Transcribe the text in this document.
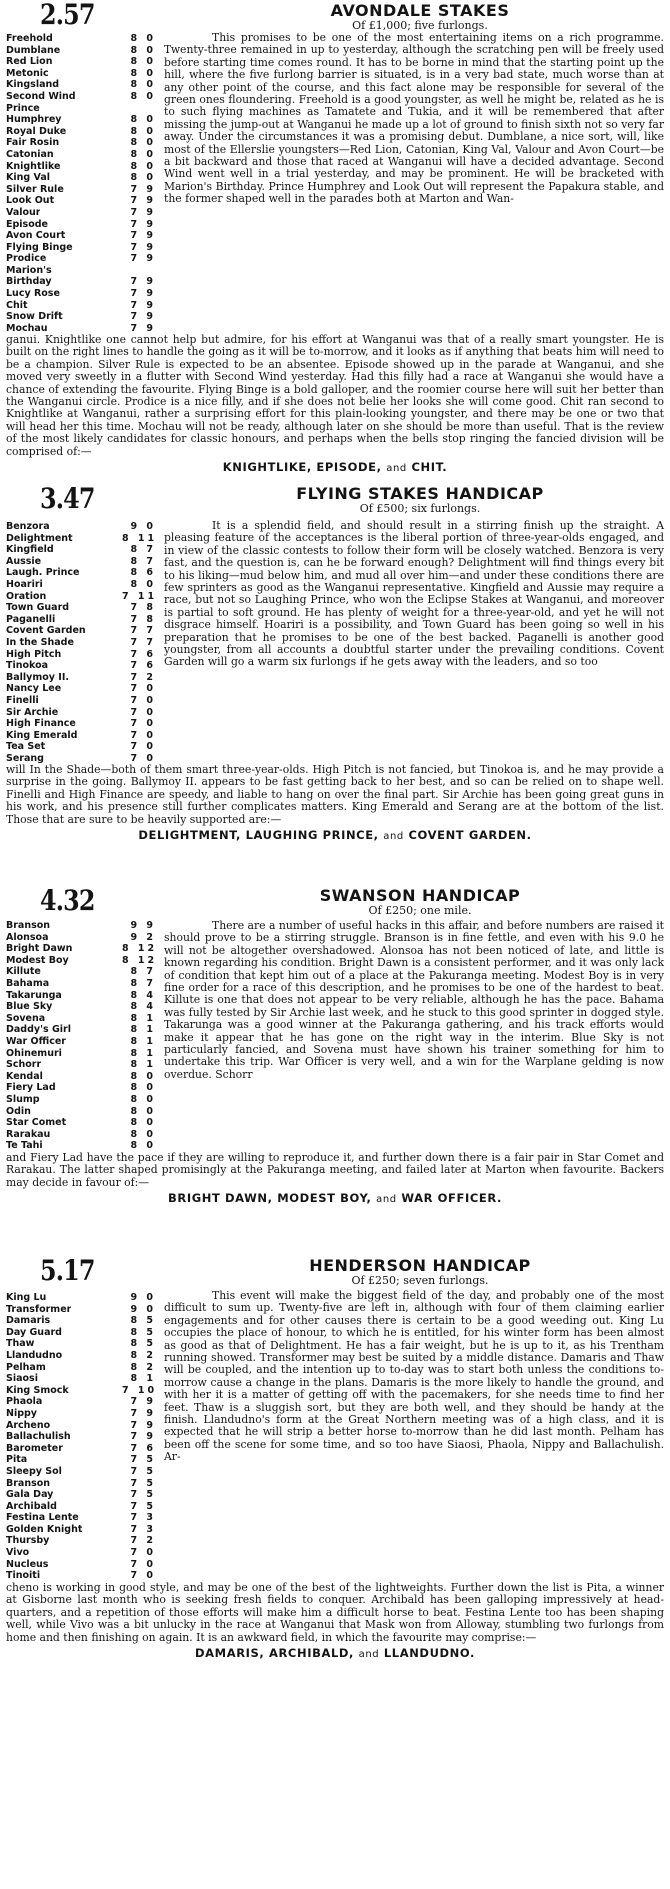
2.57	AVONDALE STAKES
Of £1,000; five furlongs.
Freehold	8 0
Dumblane	8 0
Red Lion	8 0
Metonic	8 0
Kingsland	8 0
Second Wind	8 0
Prince
Humphrey	8 0
Royal Duke	8 0
Fair Rosin	8 0
Catonian	8 0
Knightlike	8 0
King Val	8 0
Silver Rule	7 9
Look Out	7 9
Valour	7 9
Episode	7 9
Avon Court	7 9
Flying Binge	7 9
Prodice	7 9
Marion's
Birthday	7 9
Lucy Rose	7 9
Chit	7 9
Snow Drift	7 9
Mochau	7 9

This promises to be one of the most entertaining items on a rich programme. Twenty-three remained in up to yesterday, although the scratching pen will be freely used before starting time comes round. It has to be borne in mind that the starting point up the hill, where the five furlong barrier is situated, is in a very bad state, much worse than at any other point of the course, and this fact alone may be responsible for several of the green ones floundering. Freehold is a good youngster, as well he might be, related as he is to such flying machines as Tamatete and Tukia, and it will be remembered that after missing the jump-out at Wanganui he made up a lot of ground to finish sixth not so very far away. Under the circumstances it was a promising debut. Dumblane, a nice sort, will, like most of the Ellerslie youngsters—Red Lion, Catonian, King Val, Valour and Avon Court—be a bit backward and those that raced at Wanganui will have a decided advantage. Second Wind went well in a trial yesterday, and may be prominent. He will be bracketed with Marion's Birthday. Prince Humphrey and Look Out will represent the Papakura stable, and the former shaped well in the parades both at Marton and Wan-

ganui. Knightlike one cannot help but admire, for his effort at Wanganui was that of a really smart youngster. He is built on the right lines to handle the going as it will be to-morrow, and it looks as if anything that beats him will need to be a champion. Silver Rule is expected to be an absentee. Episode showed up in the parade at Wanganui, and she moved very sweetly in a flutter with Second Wind yesterday. Had this filly had a race at Wanganui she would have a chance of extending the favourite. Flying Binge is a bold galloper, and the roomier course here will suit her better than the Wanganui circle. Prodice is a nice filly, and if she does not belie her looks she will come good. Chit ran second to Knightlike at Wanganui, rather a surprising effort for this plain-looking youngster, and there may be one or two that will head her this time. Mochau will not be ready, although later on she should be more than useful. That is the review of the most likely candidates for classic honours, and perhaps when the bells stop ringing the fancied division will be comprised of:—

KNIGHTLIKE, EPISODE, and CHIT.
3.47	FLYING STAKES HANDICAP
Of £500; six furlongs.
Benzora	9 0
Delightment	8 11
Kingfield	8 7
Aussie	8 7
Laugh. Prince	8 6
Hoariri	8 0
Oration	7 11
Town Guard	7 8
Paganelli	7 8
Covent Garden	7 7
In the Shade	7 7
High Pitch	7 6
Tinokoa	7 6
Ballymoy II.	7 2
Nancy Lee	7 0
Finelli	7 0
Sir Archie	7 0
High Finance	7 0
King Emerald	7 0
Tea Set	7 0
Serang	7 0

It is a splendid field, and should result in a stirring finish up the straight. A pleasing feature of the acceptances is the liberal portion of three-year-olds engaged, and in view of the classic contests to follow their form will be closely watched. Benzora is very fast, and the question is, can he be forward enough? Delightment will find things every bit to his liking—mud below him, and mud all over him—and under these conditions there are few sprinters as good as the Wanganui representative. Kingfield and Aussie may require a race, but not so Laughing Prince, who won the Eclipse Stakes at Wanganui, and moreover is partial to soft ground. He has plenty of weight for a three-year-old, and yet he will not disgrace himself. Hoariri is a possibility, and Town Guard has been going so well in his preparation that he promises to be one of the best backed. Paganelli is another good youngster, from all accounts a doubtful starter under the prevailing conditions. Covent Garden will go a warm six furlongs if he gets away with the leaders, and so too

will In the Shade—both of them smart three-year-olds. High Pitch is not fancied, but Tinokoa is, and he may provide a surprise in the going. Ballymoy II. appears to be fast getting back to her best, and so can be relied on to shape well. Finelli and High Finance are speedy, and liable to hang on over the final part. Sir Archie has been going great guns in his work, and his presence still further complicates matters. King Emerald and Serang are at the bottom of the list. Those that are sure to be heavily supported are:—

DELIGHTMENT, LAUGHING PRINCE, and COVENT GARDEN.
4.32	SWANSON HANDICAP
Of £250; one mile.
Branson	9 9
Alonsoa	9 2
Bright Dawn	8 12
Modest Boy	8 12
Killute	8 7
Bahama	8 7
Takarunga	8 4
Blue Sky	8 4
Sovena	8 1
Daddy's Girl	8 1
War Officer	8 1
Ohinemuri	8 1
Schorr	8 1
Kendal	8 0
Fiery Lad	8 0
Slump	8 0
Odin	8 0
Star Comet	8 0
Rarakau	8 0
Te Tahi	8 0

There are a number of useful hacks in this affair, and before numbers are raised it should prove to be a stirring struggle. Branson is in fine fettle, and even with his 9.0 he will not be altogether overshadowed. Alonsoa has not been noticed of late, and little is known regarding his condition. Bright Dawn is a consistent performer, and it was only lack of condition that kept him out of a place at the Pakuranga meeting. Modest Boy is in very fine order for a race of this description, and he promises to be one of the hardest to beat. Killute is one that does not appear to be very reliable, although he has the pace. Bahama was fully tested by Sir Archie last week, and he stuck to this good sprinter in dogged style. Takarunga was a good winner at the Pakuranga gathering, and his track efforts would make it appear that he has gone on the right way in the interim. Blue Sky is not particularly fancied, and Sovena must have shown his trainer something for him to undertake this trip. War Officer is very well, and a win for the Warplane gelding is now overdue. Schorr

and Fiery Lad have the pace if they are willing to reproduce it, and further down there is a fair pair in Star Comet and Rarakau. The latter shaped promisingly at the Pakuranga meeting, and failed later at Marton when favourite. Backers may decide in favour of:—

BRIGHT DAWN, MODEST BOY, and WAR OFFICER.
5.17	HENDERSON HANDICAP
Of £250; seven furlongs.
King Lu	9 0
Transformer	9 0
Damaris	8 5
Day Guard	8 5
Thaw	8 5
Llandudno	8 2
Pelham	8 2
Siaosi	8 1
King Smock	7 10
Phaola	7 9
Nippy	7 9
Archeno	7 9
Ballachulish	7 9
Barometer	7 6
Pita	7 5
Sleepy Sol	7 5
Branson	7 5
Gala Day	7 5
Archibald	7 5
Festina Lente	7 3
Golden Knight	7 3
Thursby	7 2
Vivo	7 0
Nucleus	7 0
Tinoiti	7 0

This event will make the biggest field of the day, and probably one of the most difficult to sum up. Twenty-five are left in, although with four of them claiming earlier engagements and for other causes there is certain to be a good weeding out. King Lu occupies the place of honour, to which he is entitled, for his winter form has been almost as good as that of Delightment. He has a fair weight, but he is up to it, as his Trentham running showed. Transformer may best be suited by a middle distance. Damaris and Thaw will be coupled, and the intention up to to-day was to start both unless the conditions to-morrow cause a change in the plans. Damaris is the more likely to handle the ground, and with her it is a matter of getting off with the pacemakers, for she needs time to find her feet. Thaw is a sluggish sort, but they are both well, and they should be handy at the finish. Llandudno's form at the Great Northern meeting was of a high class, and it is expected that he will strip a better horse to-morrow than he did last month. Pelham has been off the scene for some time, and so too have Siaosi, Phaola, Nippy and Ballachulish. Ar-

cheno is working in good style, and may be one of the best of the lightweights. Further down the list is Pita, a winner at Gisborne last month who is seeking fresh fields to conquer. Archibald has been galloping impressively at head-quarters, and a repetition of those efforts will make him a difficult horse to beat. Festina Lente too has been shaping well, while Vivo was a bit unlucky in the race at Wanganui that Mask won from Alloway, stumbling two furlongs from home and then finishing on again. It is an awkward field, in which the favourite may comprise:—

DAMARIS, ARCHIBALD, and LLANDUDNO.
